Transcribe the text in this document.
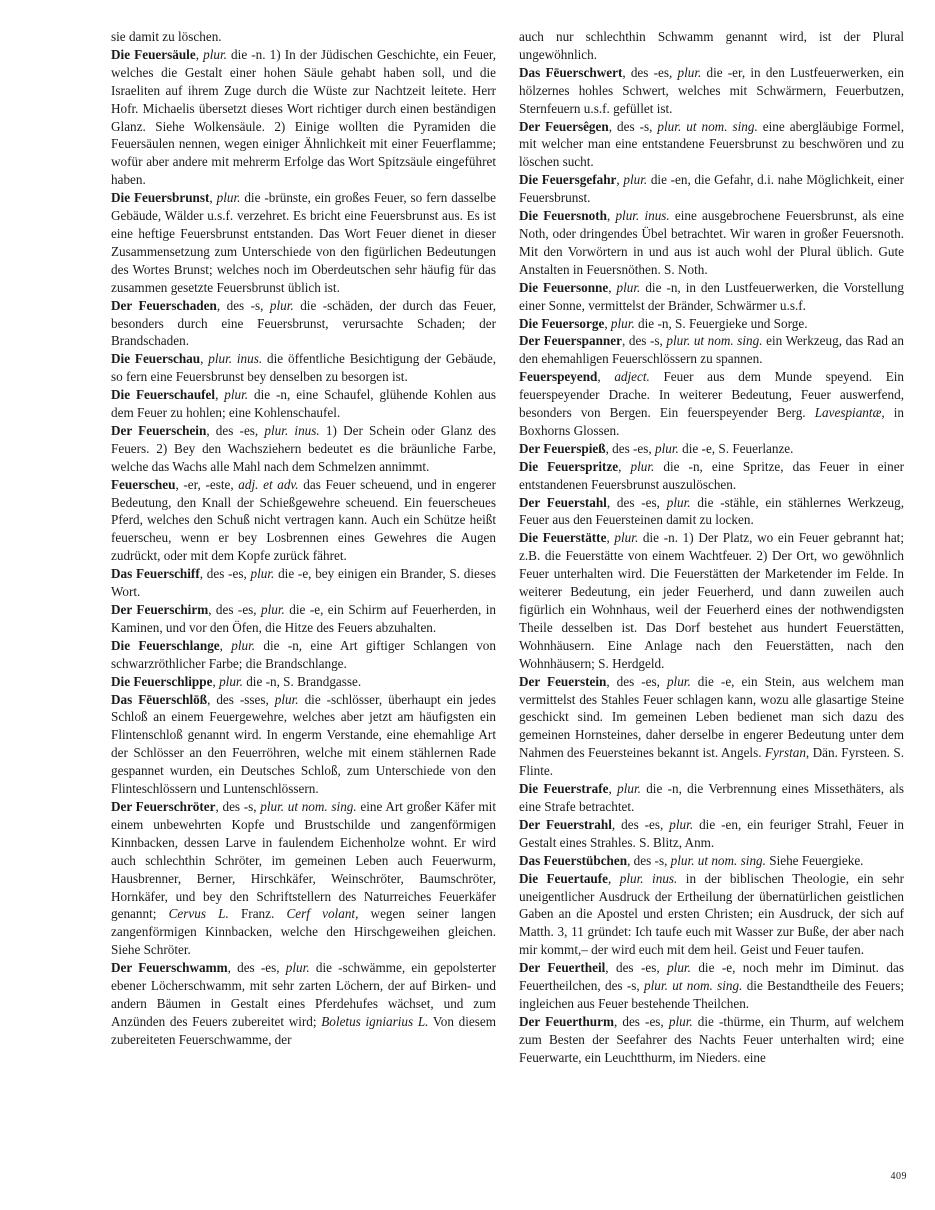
sie damit zu löschen.

Die Feuersäule, plur. die -n. 1) In der Jüdischen Geschichte, ein Feuer, welches die Gestalt einer hohen Säule gehabt haben soll, und die Israeliten auf ihrem Zuge durch die Wüste zur Nachtzeit leitete. Herr Hofr. Michaelis übersetzt dieses Wort richtiger durch einen beständigen Glanz. Siehe Wolkensäule. 2) Einige wollten die Pyramiden die Feuersäulen nennen, wegen einiger Ähnlichkeit mit einer Feuerflamme; wofür aber andere mit mehrerm Erfolge das Wort Spitzsäule eingeführet haben.

Die Feuersbrunst, plur. die -brünste, ein großes Feuer, so fern dasselbe Gebäude, Wälder u.s.f. verzehret. Es bricht eine Feuersbrunst aus. Es ist eine heftige Feuersbrunst entstanden. Das Wort Feuer dienet in dieser Zusammensetzung zum Unterschiede von den figürlichen Bedeutungen des Wortes Brunst; welches noch im Oberdeutschen sehr häufig für das zusammen gesetzte Feuersbrunst üblich ist.

Der Feuerschaden, des -s, plur. die -schäden, der durch das Feuer, besonders durch eine Feuersbrunst, verursachte Schaden; der Brandschaden.

Die Feuerschau, plur. inus. die öffentliche Besichtigung der Gebäude, so fern eine Feuersbrunst bey denselben zu besorgen ist.

Die Feuerschaufel, plur. die -n, eine Schaufel, glühende Kohlen aus dem Feuer zu hohlen; eine Kohlenschaufel.

Der Feuerschein, des -es, plur. inus. 1) Der Schein oder Glanz des Feuers. 2) Bey den Wachsziehern bedeutet es die bräunliche Farbe, welche das Wachs alle Mahl nach dem Schmelzen annimmt.

Feuerscheu, -er, -este, adj. et adv. das Feuer scheuend, und in engerer Bedeutung, den Knall der Schießgewehre scheuend. Ein feuerscheues Pferd, welches den Schuß nicht vertragen kann. Auch ein Schütze heißt feuerscheu, wenn er bey Losbrennen eines Gewehres die Augen zudrückt, oder mit dem Kopfe zurück fähret.

Das Feuerschiff, des -es, plur. die -e, bey einigen ein Brander, S. dieses Wort.

Der Feuerschirm, des -es, plur. die -e, ein Schirm auf Feuerherden, in Kaminen, und vor den Öfen, die Hitze des Feuers abzuhalten.

Die Feuerschlange, plur. die -n, eine Art giftiger Schlangen von schwarzröthlicher Farbe; die Brandschlange.

Die Feuerschlippe, plur. die -n, S. Brandgasse.

Das Fēuerschlōß, des -sses, plur. die -schlösser, überhaupt ein jedes Schloß an einem Feuergewehre, welches aber jetzt am häufigsten ein Flintenschloß genannt wird. In engerm Verstande, eine ehemahlige Art der Schlösser an den Feuerröhren, welche mit einem stählernen Rade gespannet wurden, ein Deutsches Schloß, zum Unterschiede von den Flinteschlössern und Luntenschlössern.

Der Feuerschröter, des -s, plur. ut nom. sing. eine Art großer Käfer mit einem unbewehrten Kopfe und Brustschilde und zangenförmigen Kinnbacken, dessen Larve in faulendem Eichenholze wohnt. Er wird auch schlechthin Schröter, im gemeinen Leben auch Feuerwurm, Hausbrenner, Berner, Hirschkäfer, Weinschröter, Baumschröter, Hornkäfer, und bey den Schriftstellern des Naturreiches Feuerkäfer genannt; Cervus L. Franz. Cerf volant, wegen seiner langen zangenförmigen Kinnbacken, welche den Hirschgeweihen gleichen. Siehe Schröter.

Der Feuerschwamm, des -es, plur. die -schwämme, ein gepolsterter ebener Löcherschwamm, mit sehr zarten Löchern, der auf Birken- und andern Bäumen in Gestalt eines Pferdehufes wächset, und zum Anzünden des Feuers zubereitet wird; Boletus igniarius L. Von diesem zubereiteten Feuerschwamme, der

auch nur schlechthin Schwamm genannt wird, ist der Plural ungewöhnlich.

Das Fēuerschwert, des -es, plur. die -er, in den Lustfeuerwerken, ein hölzernes hohles Schwert, welches mit Schwärmern, Feuerbutzen, Sternfeuern u.s.f. gefüllet ist.

Der Feuersêgen, des -s, plur. ut nom. sing. eine abergläubige Formel, mit welcher man eine entstandene Feuersbrunst zu beschwören und zu löschen sucht.

Die Feuersgefahr, plur. die -en, die Gefahr, d.i. nahe Möglichkeit, einer Feuersbrunst.

Die Feuersnoth, plur. inus. eine ausgebrochene Feuersbrunst, als eine Noth, oder dringendes Übel betrachtet. Wir waren in großer Feuersnoth. Mit den Vorwörtern in und aus ist auch wohl der Plural üblich. Gute Anstalten in Feuersnöthen. S. Noth.

Die Feuersonne, plur. die -n, in den Lustfeuerwerken, die Vorstellung einer Sonne, vermittelst der Bränder, Schwärmer u.s.f.

Die Feuersorge, plur. die -n, S. Feuergieke und Sorge.

Der Feuerspanner, des -s, plur. ut nom. sing. ein Werkzeug, das Rad an den ehemahligen Feuerschlössern zu spannen.

Feuerspeyend, adject. Feuer aus dem Munde speyend. Ein feuerspeyender Drache. In weiterer Bedeutung, Feuer auswerfend, besonders von Bergen. Ein feuerspeyender Berg. Lavespiantæ, in Boxhorns Glossen.

Der Feuerspieß, des -es, plur. die -e, S. Feuerlanze.

Die Feuerspritze, plur. die -n, eine Spritze, das Feuer in einer entstandenen Feuersbrunst auszulöschen.

Der Feuerstahl, des -es, plur. die -stähle, ein stählernes Werkzeug, Feuer aus den Feuersteinen damit zu locken.

Die Feuerstätte, plur. die -n. 1) Der Platz, wo ein Feuer gebrannt hat; z.B. die Feuerstätte von einem Wachtfeuer. 2) Der Ort, wo gewöhnlich Feuer unterhalten wird. Die Feuerstätten der Marketender im Felde. In weiterer Bedeutung, ein jeder Feuerherd, und dann zuweilen auch figürlich ein Wohnhaus, weil der Feuerherd eines der nothwendigsten Theile desselben ist. Das Dorf bestehet aus hundert Feuerstätten, Wohnhäusern. Eine Anlage nach den Feuerstätten, nach den Wohnhäusern; S. Herdgeld.

Der Feuerstein, des -es, plur. die -e, ein Stein, aus welchem man vermittelst des Stahles Feuer schlagen kann, wozu alle glasartige Steine geschickt sind. Im gemeinen Leben bedienet man sich dazu des gemeinen Hornsteines, daher derselbe in engerer Bedeutung unter dem Nahmen des Feuersteines bekannt ist. Angels. Fyrstan, Dän. Fyrsteen. S. Flinte.

Die Feuerstrafe, plur. die -n, die Verbrennung eines Missethäters, als eine Strafe betrachtet.

Der Feuerstrahl, des -es, plur. die -en, ein feuriger Strahl, Feuer in Gestalt eines Strahles. S. Blitz, Anm.

Das Feuerstübchen, des -s, plur. ut nom. sing. Siehe Feuergieke.

Die Feuertaufe, plur. inus. in der biblischen Theologie, ein sehr uneigentlicher Ausdruck der Ertheilung der übernatürlichen geistlichen Gaben an die Apostel und ersten Christen; ein Ausdruck, der sich auf Matth. 3, 11 gründet: Ich taufe euch mit Wasser zur Buße, der aber nach mir kommt,– der wird euch mit dem heil. Geist und Feuer taufen.

Der Feuertheil, des -es, plur. die -e, noch mehr im Diminut. das Feuertheilchen, des -s, plur. ut nom. sing. die Bestandtheile des Feuers; ingleichen aus Feuer bestehende Theilchen.

Der Feuerthurm, des -es, plur. die -thürme, ein Thurm, auf welchem zum Besten der Seefahrer des Nachts Feuer unterhalten wird; eine Feuerwarte, ein Leuchtthurm, im Nieders. eine

409
